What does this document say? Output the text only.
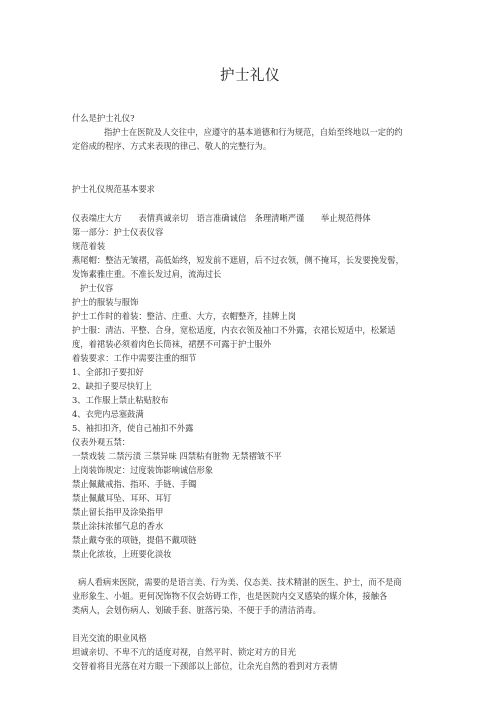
护士礼仪
什么是护士礼仪?
指护士在医院及人交往中，应遵守的基本道德和行为规范，自始至终地以一定的约
定俗成的程序、方式来表现的律己、敬人的完整行为。
护士礼仪规范基本要求
仪表端庄大方　　表情真诚亲切　语言准确诚信　条理清晰严谨　　举止规范得体
第一部分：护士仪表仪容
规范着装
燕尾帽：整洁无皱褶，高低始终，短发前不遮眉，后不过衣领，侧不掩耳，长发要挽发髻，
发饰素雅庄重。不准长发过肩，流海过长
护士仪容
护士的服装与服饰
护士工作时的着装：整洁、庄重、大方，衣帽整齐，挂牌上岗
护士服：清洁、平整、合身，宽松适度，内衣衣领及袖口不外露，衣裙长短适中，松紧适
度，着裙装必须着肉色长筒袜，裙摆不可露于护士服外
着装要求：工作中需要注重的细节
1、全部扣子要扣好
2、缺扣子要尽快钉上
3、工作服上禁止粘贴胶布
4、衣兜内忌塞鼓满
5、袖扣扣齐，使自己袖扣不外露
仪表外观五禁：
一禁戏装 二禁污渍 三禁异味 四禁粘有脏物 无禁褶皱不平
上岗装饰规定：过度装饰影响诚信形象
禁止佩戴戒指、指环、手链、手镯
禁止佩戴耳坠、耳环、耳钉
禁止留长指甲及涂染指甲
禁止涂抹浓郁气息的香水
禁止戴夸张的项链，提倡不戴项链
禁止化浓妆，上班要化淡妆
病人看病来医院，需要的是语言美、行为美、仪态美、技术精湛的医生、护士，而不是商
业形象生、小姐。更何况饰物不仅会妨碍工作，也是医院内交叉感染的媒介体，接触各
类病人，会划伤病人、划破手套、脏落污染、不便于手的清洁消毒。
目光交流的职业风格
坦诚亲切、不卑不亢的适度对视，自然平时、锁定对方的目光
交替着将目光落在对方眼一下颈部以上部位，让余光自然的看到对方表情
